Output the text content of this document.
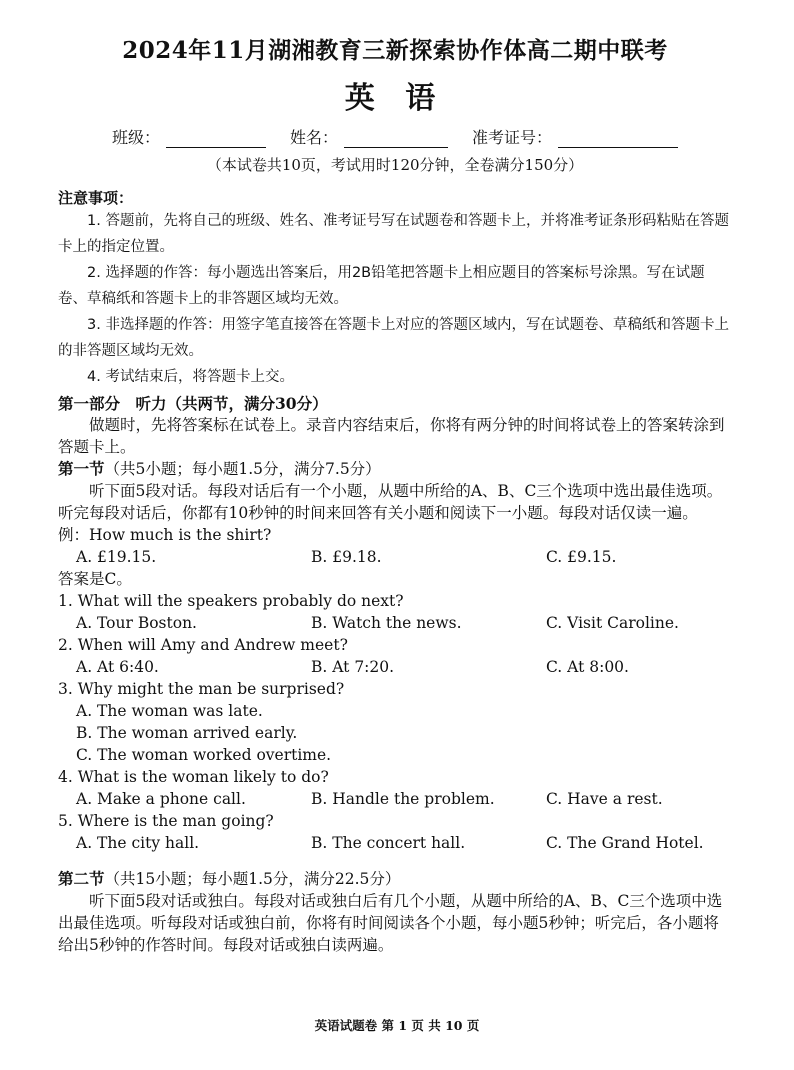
2024年11月湖湘教育三新探索协作体高二期中联考
英 语
班级：	姓名：	准考证号：
（本试卷共10页，考试用时120分钟，全卷满分150分）
注意事项：
1. 答题前，先将自己的班级、姓名、准考证号写在试题卷和答题卡上，并将准考证条形码粘贴在答题卡上的指定位置。
2. 选择题的作答：每小题选出答案后，用2B铅笔把答题卡上相应题目的答案标号涂黑。写在试题卷、草稿纸和答题卡上的非答题区域均无效。
3. 非选择题的作答：用签字笔直接答在答题卡上对应的答题区域内，写在试题卷、草稿纸和答题卡上的非答题区域均无效。
4. 考试结束后，将答题卡上交。
第一部分　听力（共两节，满分30分）
做题时，先将答案标在试卷上。录音内容结束后，你将有两分钟的时间将试卷上的答案转涂到答题卡上。
第一节（共5小题；每小题1.5分，满分7.5分）
听下面5段对话。每段对话后有一个小题，从题中所给的A、B、C三个选项中选出最佳选项。听完每段对话后，你都有10秒钟的时间来回答有关小题和阅读下一小题。每段对话仅读一遍。
例：How much is the shirt?
A. £19.15.	B. £9.18.	C. £9.15.
答案是C。
1. What will the speakers probably do next?
A. Tour Boston.	B. Watch the news.	C. Visit Caroline.
2. When will Amy and Andrew meet?
A. At 6:40.	B. At 7:20.	C. At 8:00.
3. Why might the man be surprised?
A. The woman was late.
B. The woman arrived early.
C. The woman worked overtime.
4. What is the woman likely to do?
A. Make a phone call.	B. Handle the problem.	C. Have a rest.
5. Where is the man going?
A. The city hall.	B. The concert hall.	C. The Grand Hotel.
第二节（共15小题；每小题1.5分，满分22.5分）
听下面5段对话或独白。每段对话或独白后有几个小题，从题中所给的A、B、C三个选项中选出最佳选项。听每段对话或独白前，你将有时间阅读各个小题，每小题5秒钟；听完后，各小题将给出5秒钟的作答时间。每段对话或独白读两遍。
英语试题卷 第 1 页 共 10 页
